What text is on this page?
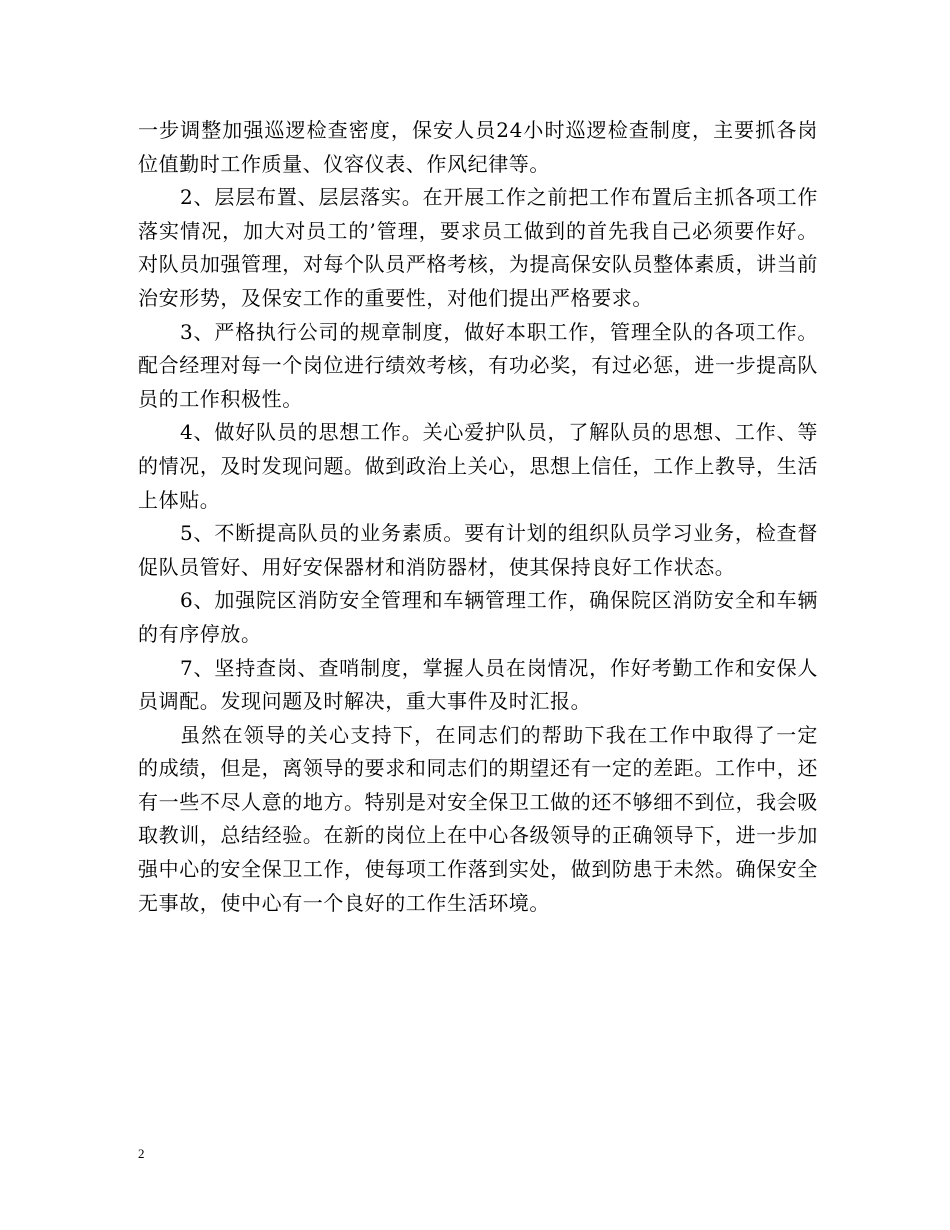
一步调整加强巡逻检查密度，保安人员24小时巡逻检查制度，主要抓各岗位值勤时工作质量、仪容仪表、作风纪律等。

2、层层布置、层层落实。在开展工作之前把工作布置后主抓各项工作落实情况，加大对员工的’管理，要求员工做到的首先我自己必须要作好。对队员加强管理，对每个队员严格考核，为提高保安队员整体素质，讲当前治安形势，及保安工作的重要性，对他们提出严格要求。

3、严格执行公司的规章制度，做好本职工作，管理全队的各项工作。配合经理对每一个岗位进行绩效考核，有功必奖，有过必惩，进一步提高队员的工作积极性。

4、做好队员的思想工作。关心爱护队员，了解队员的思想、工作、等的情况，及时发现问题。做到政治上关心，思想上信任，工作上教导，生活上体贴。

5、不断提高队员的业务素质。要有计划的组织队员学习业务，检查督促队员管好、用好安保器材和消防器材，使其保持良好工作状态。

6、加强院区消防安全管理和车辆管理工作，确保院区消防安全和车辆的有序停放。

7、坚持查岗、查哨制度，掌握人员在岗情况，作好考勤工作和安保人员调配。发现问题及时解决，重大事件及时汇报。

虽然在领导的关心支持下，在同志们的帮助下我在工作中取得了一定的成绩，但是，离领导的要求和同志们的期望还有一定的差距。工作中，还有一些不尽人意的地方。特别是对安全保卫工做的还不够细不到位，我会吸取教训，总结经验。在新的岗位上在中心各级领导的正确领导下，进一步加强中心的安全保卫工作，使每项工作落到实处，做到防患于未然。确保安全无事故，使中心有一个良好的工作生活环境。

2
